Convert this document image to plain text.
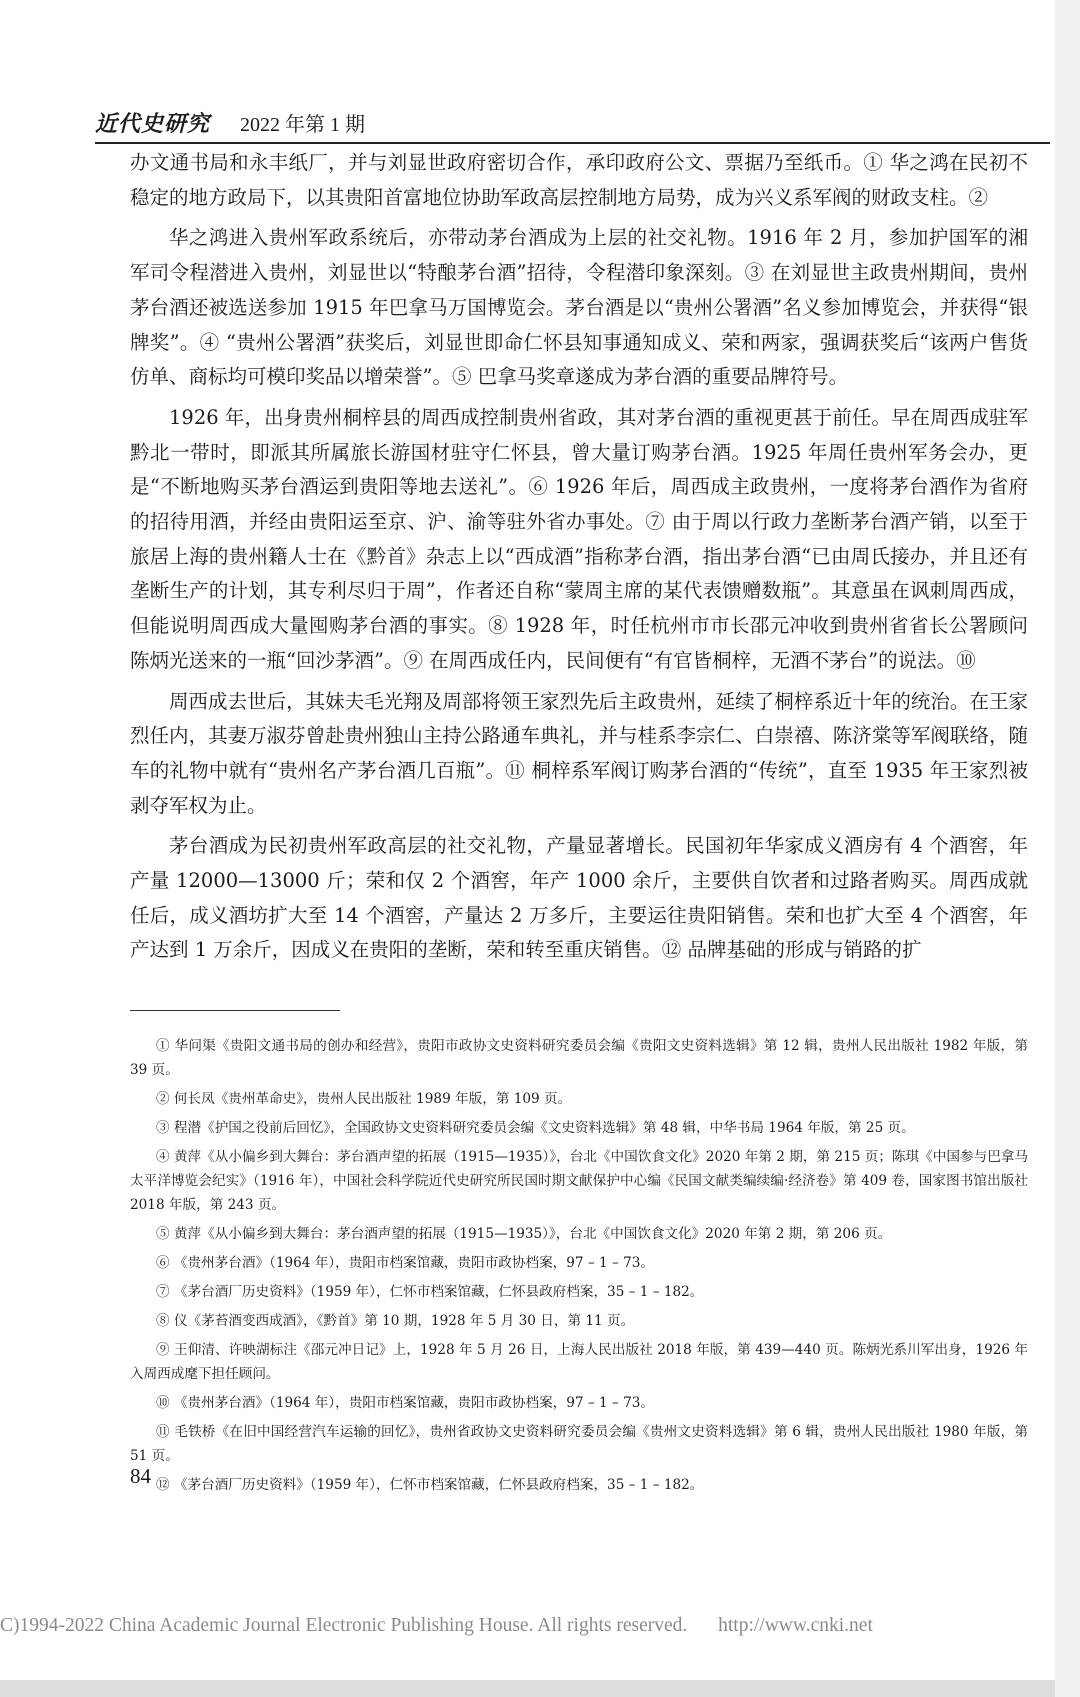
近代史研究 2022 年第 1 期

办文通书局和永丰纸厂，并与刘显世政府密切合作，承印政府公文、票据乃至纸币。① 华之鸿在民初不稳定的地方政局下，以其贵阳首富地位协助军政高层控制地方局势，成为兴义系军阀的财政支柱。②

华之鸿进入贵州军政系统后，亦带动茅台酒成为上层的社交礼物。1916 年 2 月，参加护国军的湘军司令程潜进入贵州，刘显世以“特酿茅台酒”招待，令程潜印象深刻。③ 在刘显世主政贵州期间，贵州茅台酒还被选送参加 1915 年巴拿马万国博览会。茅台酒是以“贵州公署酒”名义参加博览会，并获得“银牌奖”。④ “贵州公署酒”获奖后，刘显世即命仁怀县知事通知成义、荣和两家，强调获奖后“该两户售货仿单、商标均可模印奖品以增荣誉”。⑤ 巴拿马奖章遂成为茅台酒的重要品牌符号。

1926 年，出身贵州桐梓县的周西成控制贵州省政，其对茅台酒的重视更甚于前任。早在周西成驻军黔北一带时，即派其所属旅长游国材驻守仁怀县，曾大量订购茅台酒。1925 年周任贵州军务会办，更是“不断地购买茅台酒运到贵阳等地去送礼”。⑥ 1926 年后，周西成主政贵州，一度将茅台酒作为省府的招待用酒，并经由贵阳运至京、沪、渝等驻外省办事处。⑦ 由于周以行政力垄断茅台酒产销，以至于旅居上海的贵州籍人士在《黔首》杂志上以“西成酒”指称茅台酒，指出茅台酒“已由周氏接办，并且还有垄断生产的计划，其专利尽归于周”，作者还自称“蒙周主席的某代表馈赠数瓶”。其意虽在讽刺周西成，但能说明周西成大量囤购茅台酒的事实。⑧ 1928 年，时任杭州市市长邵元冲收到贵州省省长公署顾问陈炳光送来的一瓶“回沙茅酒”。⑨ 在周西成任内，民间便有“有官皆桐梓，无酒不茅台”的说法。⑩

周西成去世后，其妹夫毛光翔及周部将领王家烈先后主政贵州，延续了桐梓系近十年的统治。在王家烈任内，其妻万淑芬曾赴贵州独山主持公路通车典礼，并与桂系李宗仁、白崇禧、陈济棠等军阀联络，随车的礼物中就有“贵州名产茅台酒几百瓶”。⑪ 桐梓系军阀订购茅台酒的“传统”，直至 1935 年王家烈被剥夺军权为止。

茅台酒成为民初贵州军政高层的社交礼物，产量显著增长。民国初年华家成义酒房有 4 个酒窖，年产量 12000—13000 斤；荣和仅 2 个酒窖，年产 1000 余斤，主要供自饮者和过路者购买。周西成就任后，成义酒坊扩大至 14 个酒窖，产量达 2 万多斤，主要运往贵阳销售。荣和也扩大至 4 个酒窖，年产达到 1 万余斤，因成义在贵阳的垄断，荣和转至重庆销售。⑫ 品牌基础的形成与销路的扩

① 华问渠《贵阳文通书局的创办和经营》，贵阳市政协文史资料研究委员会编《贵阳文史资料选辑》第 12 辑，贵州人民出版社 1982 年版，第 39 页。

② 何长凤《贵州革命史》，贵州人民出版社 1989 年版，第 109 页。

③ 程潜《护国之役前后回忆》，全国政协文史资料研究委员会编《文史资料选辑》第 48 辑，中华书局 1964 年版，第 25 页。

④ 黄萍《从小偏乡到大舞台：茅台酒声望的拓展（1915—1935）》，台北《中国饮食文化》2020 年第 2 期，第 215 页；陈琪《中国参与巴拿马太平洋博览会纪实》（1916 年），中国社会科学院近代史研究所民国时期文献保护中心编《民国文献类编续编·经济卷》第 409 卷，国家图书馆出版社 2018 年版，第 243 页。

⑤ 黄萍《从小偏乡到大舞台：茅台酒声望的拓展（1915—1935）》，台北《中国饮食文化》2020 年第 2 期，第 206 页。

⑥ 《贵州茅台酒》（1964 年），贵阳市档案馆藏，贵阳市政协档案，97 – 1 – 73。

⑦ 《茅台酒厂历史资料》（1959 年），仁怀市档案馆藏，仁怀县政府档案，35 – 1 – 182。

⑧ 仪《茅苔酒变西成酒》，《黔首》第 10 期，1928 年 5 月 30 日，第 11 页。

⑨ 王仰清、许映湖标注《邵元冲日记》上，1928 年 5 月 26 日，上海人民出版社 2018 年版，第 439—440 页。陈炳光系川军出身，1926 年入周西成麾下担任顾问。

⑩ 《贵州茅台酒》（1964 年），贵阳市档案馆藏，贵阳市政协档案，97 – 1 – 73。

⑪ 毛铁桥《在旧中国经营汽车运输的回忆》，贵州省政协文史资料研究委员会编《贵州文史资料选辑》第 6 辑，贵州人民出版社 1980 年版，第 51 页。

⑫ 《茅台酒厂历史资料》（1959 年），仁怀市档案馆藏，仁怀县政府档案，35 – 1 – 182。

84
C)1994-2022 China Academic Journal Electronic Publishing House. All rights reserved. http://www.cnki.net
